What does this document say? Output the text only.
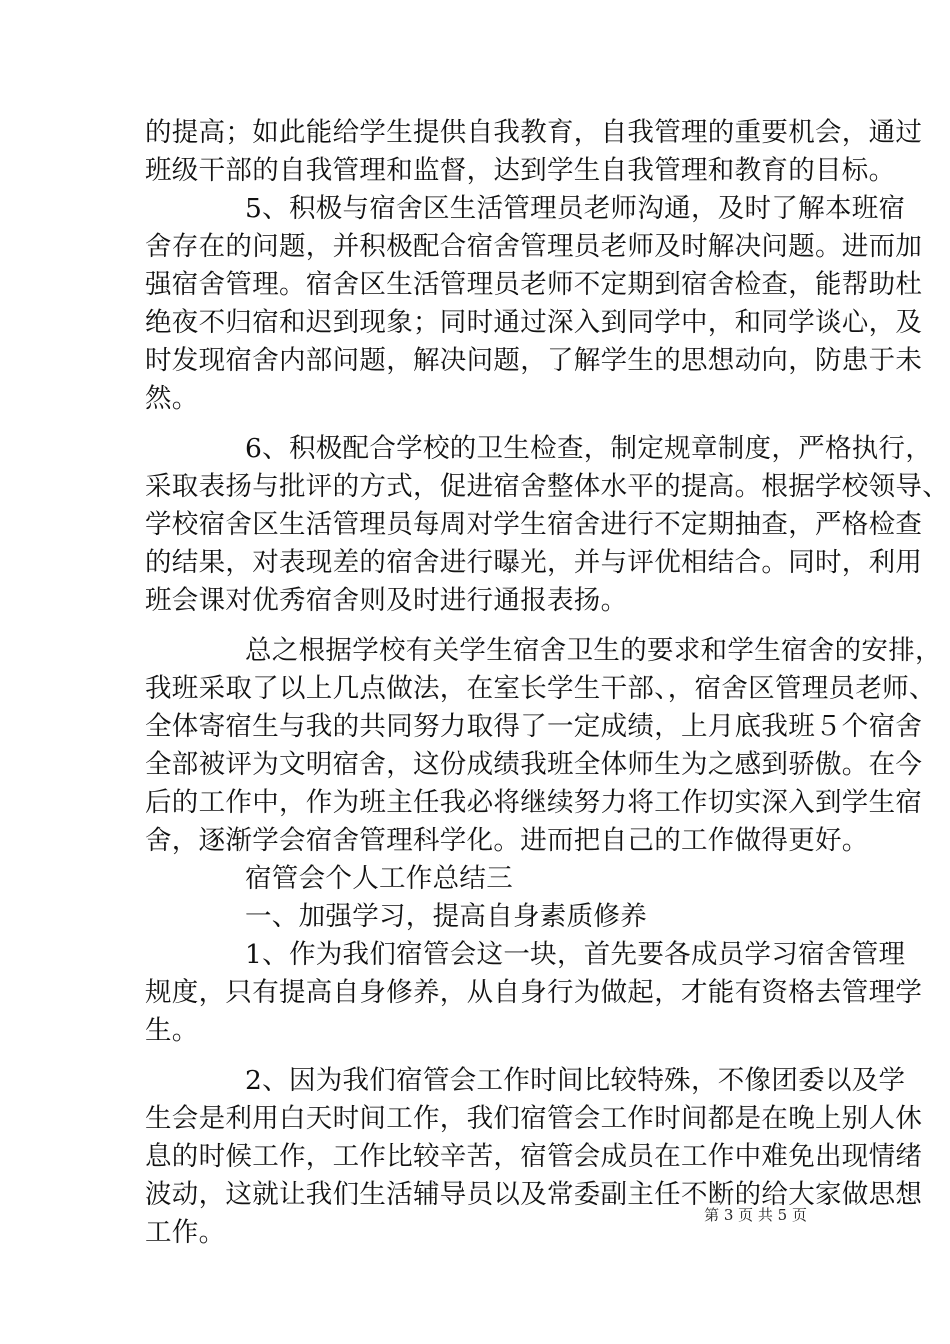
的提高；如此能给学生提供自我教育，自我管理的重要机会，通过
班级干部的自我管理和监督，达到学生自我管理和教育的目标。
5、积极与宿舍区生活管理员老师沟通，及时了解本班宿
舍存在的问题，并积极配合宿舍管理员老师及时解决问题。进而加
强宿舍管理。宿舍区生活管理员老师不定期到宿舍检查，能帮助杜
绝夜不归宿和迟到现象；同时通过深入到同学中，和同学谈心，及
时发现宿舍内部问题，解决问题，了解学生的思想动向，防患于未
然。
6、积极配合学校的卫生检查，制定规章制度，严格执行，
采取表扬与批评的方式，促进宿舍整体水平的提高。根据学校领导、
学校宿舍区生活管理员每周对学生宿舍进行不定期抽查，严格检查
的结果，对表现差的宿舍进行曝光，并与评优相结合。同时，利用
班会课对优秀宿舍则及时进行通报表扬。
总之根据学校有关学生宿舍卫生的要求和学生宿舍的安排，
我班采取了以上几点做法，在室长学生干部、，宿舍区管理员老师、
全体寄宿生与我的共同努力取得了一定成绩，上月底我班５个宿舍
全部被评为文明宿舍，这份成绩我班全体师生为之感到骄傲。在今
后的工作中，作为班主任我必将继续努力将工作切实深入到学生宿
舍，逐渐学会宿舍管理科学化。进而把自己的工作做得更好。
宿管会个人工作总结三
一、加强学习，提高自身素质修养
1、作为我们宿管会这一块，首先要各成员学习宿舍管理
规度，只有提高自身修养，从自身行为做起，才能有资格去管理学
生。
2、因为我们宿管会工作时间比较特殊，不像团委以及学
生会是利用白天时间工作，我们宿管会工作时间都是在晚上别人休
息的时候工作，工作比较辛苦，宿管会成员在工作中难免出现情绪
波动，这就让我们生活辅导员以及常委副主任不断的给大家做思想
工作。
第 3 页 共 5 页
